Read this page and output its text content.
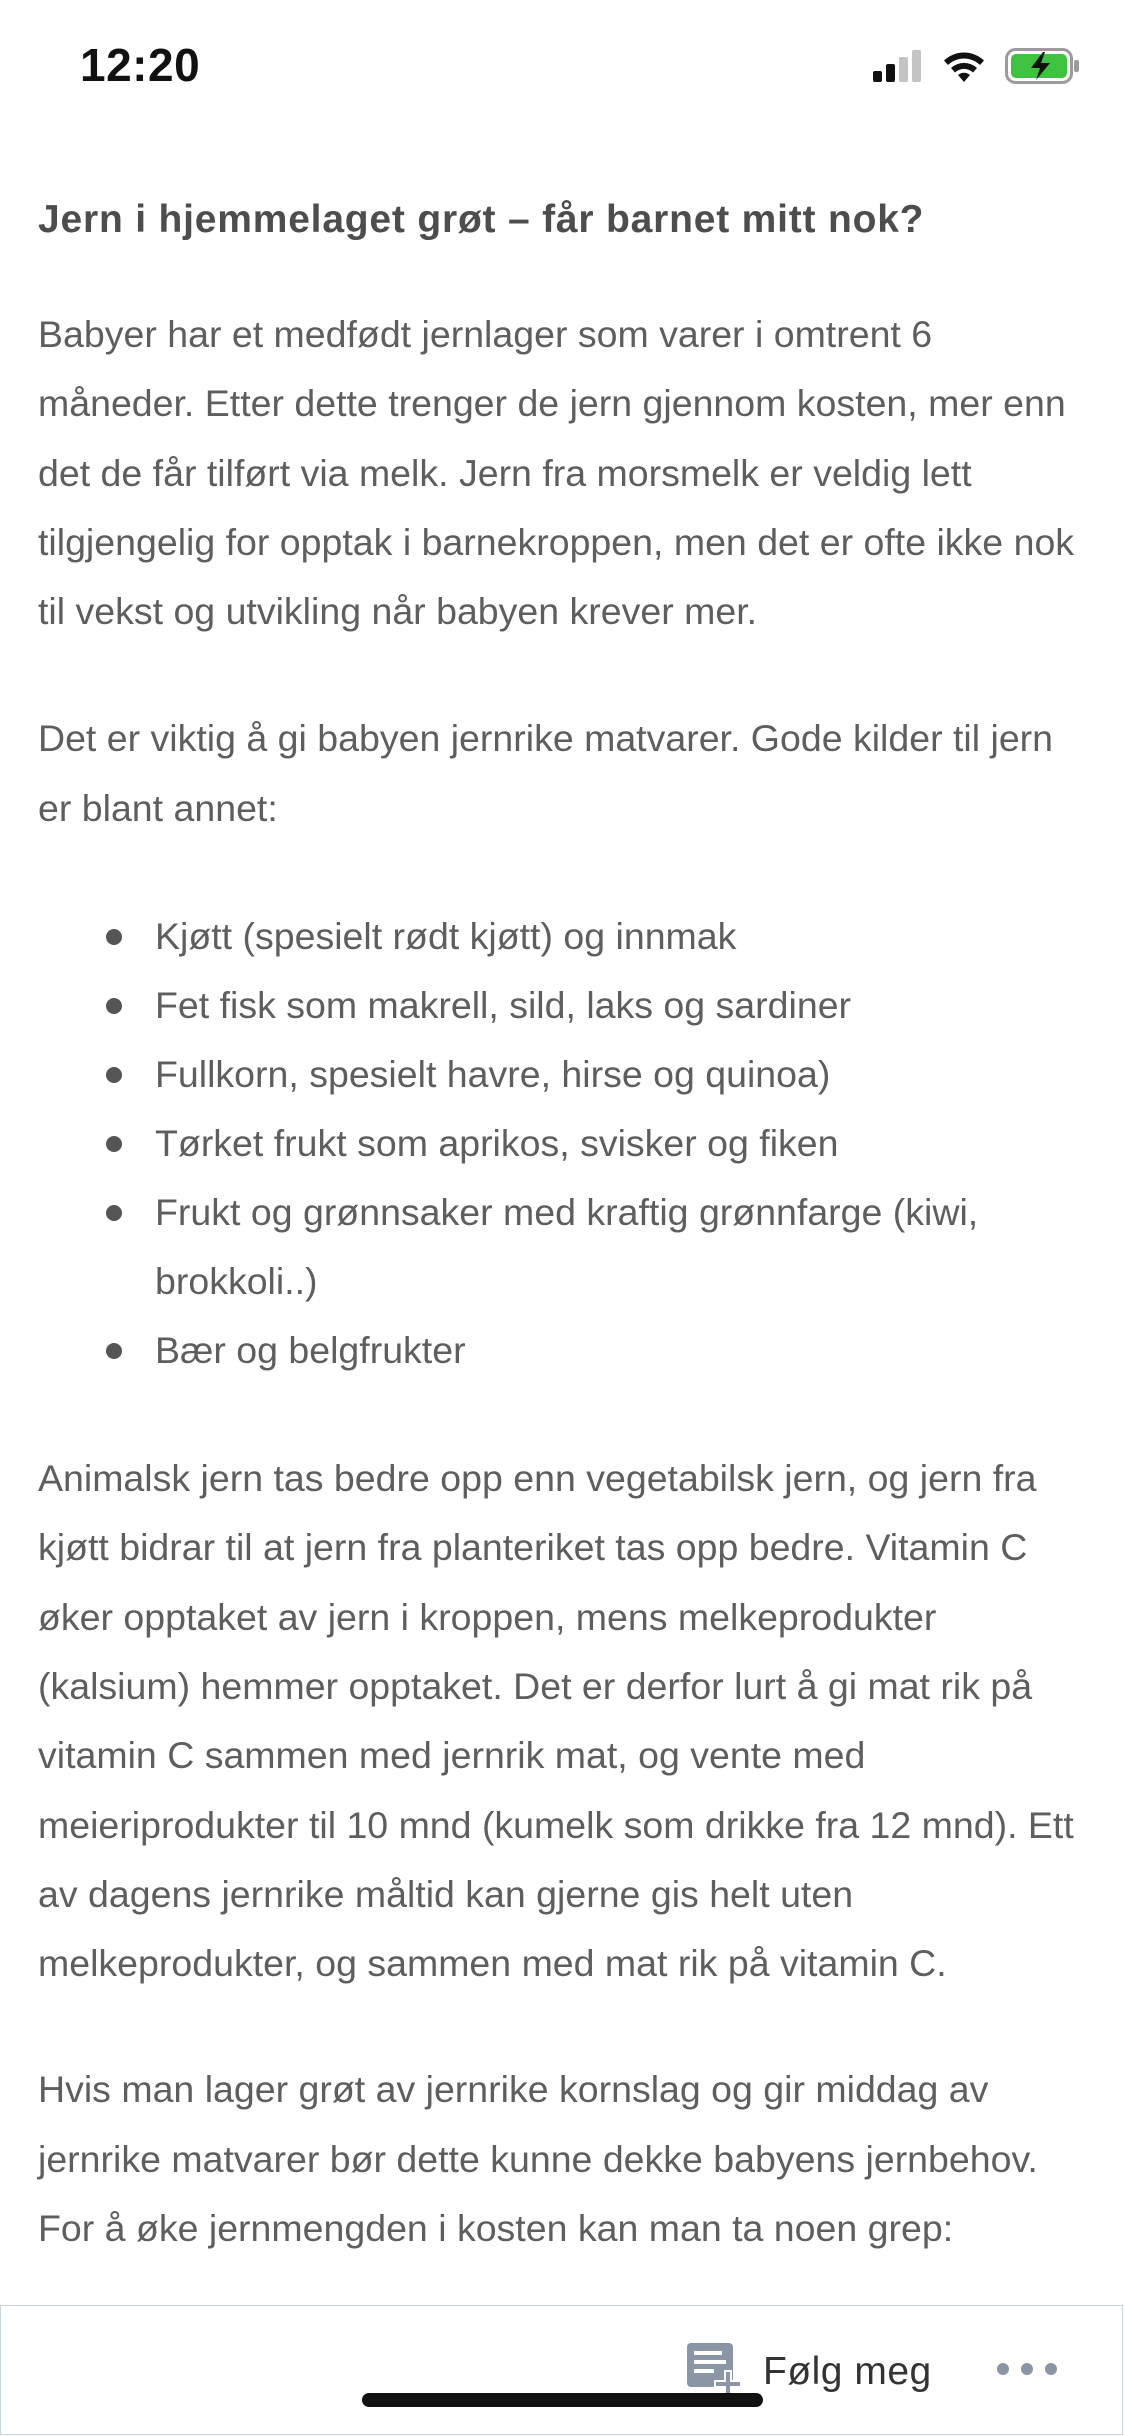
12:20
Jern i hjemmelaget grøt – får barnet mitt nok?

Babyer har et medfødt jernlager som varer i omtrent 6 måneder. Etter dette trenger de jern gjennom kosten, mer enn det de får tilført via melk. Jern fra morsmelk er veldig lett tilgjengelig for opptak i barnekroppen, men det er ofte ikke nok til vekst og utvikling når babyen krever mer.

Det er viktig å gi babyen jernrike matvarer. Gode kilder til jern er blant annet:

Kjøtt (spesielt rødt kjøtt) og innmak
Fet fisk som makrell, sild, laks og sardiner
Fullkorn, spesielt havre, hirse og quinoa)
Tørket frukt som aprikos, svisker og fiken
Frukt og grønnsaker med kraftig grønnfarge (kiwi, brokkoli..)
Bær og belgfrukter

Animalsk jern tas bedre opp enn vegetabilsk jern, og jern fra kjøtt bidrar til at jern fra planteriket tas opp bedre. Vitamin C øker opptaket av jern i kroppen, mens melkeprodukter (kalsium) hemmer opptaket. Det er derfor lurt å gi mat rik på vitamin C sammen med jernrik mat, og vente med meieriprodukter til 10 mnd (kumelk som drikke fra 12 mnd). Ett av dagens jernrike måltid kan gjerne gis helt uten melkeprodukter, og sammen med mat rik på vitamin C.

Hvis man lager grøt av jernrike kornslag og gir middag av jernrike matvarer bør dette kunne dekke babyens jernbehov. For å øke jernmengden i kosten kan man ta noen grep:

Følg meg
